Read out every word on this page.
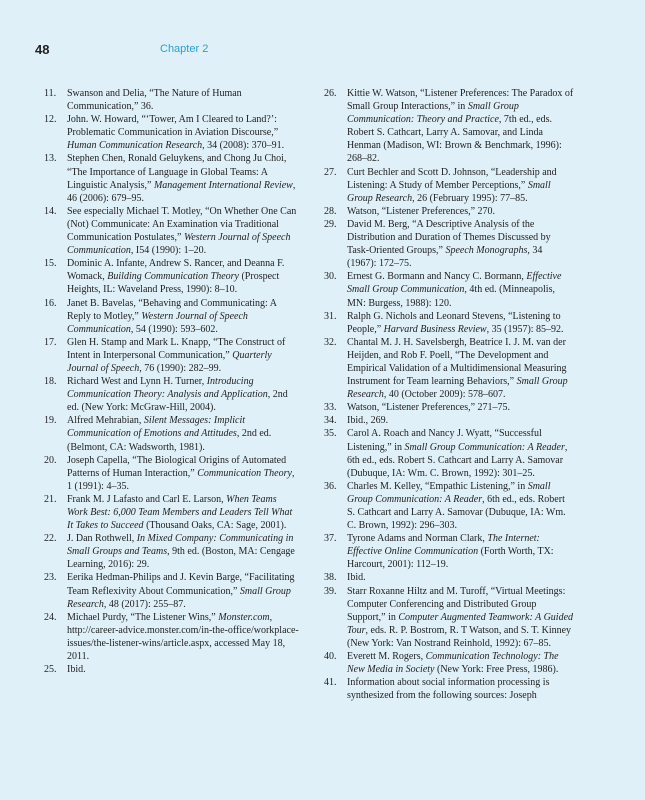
48	Chapter 2

11.	Swanson and Delia, “The Nature of Human Communication,” 36.

12.	John. W. Howard, “‘Tower, Am I Cleared to Land?’: Problematic Communication in Aviation Discourse,” Human Communication Research, 34 (2008): 370–91.

13.	Stephen Chen, Ronald Geluykens, and Chong Ju Choi, “The Importance of Language in Global Teams: A Linguistic Analysis,” Management International Review, 46 (2006): 679–95.

14.	See especially Michael T. Motley, “On Whether One Can (Not) Communicate: An Examination via Traditional Communication Postulates,” Western Journal of Speech Communication, I54 (1990): 1–20.

15.	Dominic A. Infante, Andrew S. Rancer, and Deanna F. Womack, Building Communication Theory (Prospect Heights, IL: Waveland Press, 1990): 8–10.

16.	Janet B. Bavelas, “Behaving and Communicating: A Reply to Motley,” Western Journal of Speech Communication, 54 (1990): 593–602.

17.	Glen H. Stamp and Mark L. Knapp, “The Construct of Intent in Interpersonal Communication,” Quarterly Journal of Speech, 76 (1990): 282–99.

18.	Richard West and Lynn H. Turner, Introducing Communication Theory: Analysis and Application, 2nd ed. (New York: McGraw-Hill, 2004).

19.	Alfred Mehrabian, Silent Messages: Implicit Communication of Emotions and Attitudes, 2nd ed. (Belmont, CA: Wadsworth, 1981).

20.	Joseph Capella, “The Biological Origins of Automated Patterns of Human Interaction,” Communication Theory, 1 (1991): 4–35.

21.	Frank M. J Lafasto and Carl E. Larson, When Teams Work Best: 6,000 Team Members and Leaders Tell What It Takes to Succeed (Thousand Oaks, CA: Sage, 2001).

22.	J. Dan Rothwell, In Mixed Company: Communicating in Small Groups and Teams, 9th ed. (Boston, MA: Cengage Learning, 2016): 29.

23.	Eerika Hedman-Philips and J. Kevin Barge, “Facilitating Team Reflexivity About Communication,” Small Group Research, 48 (2017): 255–87.

24.	Michael Purdy, “The Listener Wins,” Monster.com, http://career-advice.monster.com/in-the-office/workplace-issues/the-listener-wins/article.aspx, accessed May 18, 2011.

25.	Ibid.

26.	Kittie W. Watson, “Listener Preferences: The Paradox of Small Group Interactions,” in Small Group Communication: Theory and Practice, 7th ed., eds. Robert S. Cathcart, Larry A. Samovar, and Linda Henman (Madison, WI: Brown & Benchmark, 1996): 268–82.

27.	Curt Bechler and Scott D. Johnson, “Leadership and Listening: A Study of Member Perceptions,” Small Group Research, 26 (February 1995): 77–85.

28.	Watson, “Listener Preferences,” 270.

29.	David M. Berg, “A Descriptive Analysis of the Distribution and Duration of Themes Discussed by Task-Oriented Groups,” Speech Monographs, 34 (1967): 172–75.

30.	Ernest G. Bormann and Nancy C. Bormann, Effective Small Group Communication, 4th ed. (Minneapolis, MN: Burgess, 1988): 120.

31.	Ralph G. Nichols and Leonard Stevens, “Listening to People,” Harvard Business Review, 35 (1957): 85–92.

32.	Chantal M. J. H. Savelsbergh, Beatrice I. J. M. van der Heijden, and Rob F. Poell, “The Development and Empirical Validation of a Multidimensional Measuring Instrument for Team learning Behaviors,” Small Group Research, 40 (October 2009): 578–607.

33.	Watson, “Listener Preferences,” 271–75.

34.	Ibid., 269.

35.	Carol A. Roach and Nancy J. Wyatt, “Successful Listening,” in Small Group Communication: A Reader, 6th ed., eds. Robert S. Cathcart and Larry A. Samovar (Dubuque, IA: Wm. C. Brown, 1992): 301–25.

36.	Charles M. Kelley, “Empathic Listening,” in Small Group Communication: A Reader, 6th ed., eds. Robert S. Cathcart and Larry A. Samovar (Dubuque, IA: Wm. C. Brown, 1992): 296–303.

37.	Tyrone Adams and Norman Clark, The Internet: Effective Online Communication (Forth Worth, TX: Harcourt, 2001): 112–19.

38.	Ibid.

39.	Starr Roxanne Hiltz and M. Turoff, “Virtual Meetings: Computer Conferencing and Distributed Group Support,” in Computer Augmented Teamwork: A Guided Tour, eds. R. P. Bostrom, R. T Watson, and S. T. Kinney (New York: Van Nostrand Reinhold, 1992): 67–85.

40.	Everett M. Rogers, Communication Technology: The New Media in Society (New York: Free Press, 1986).

41.	Information about social information processing is synthesized from the following sources: Joseph
